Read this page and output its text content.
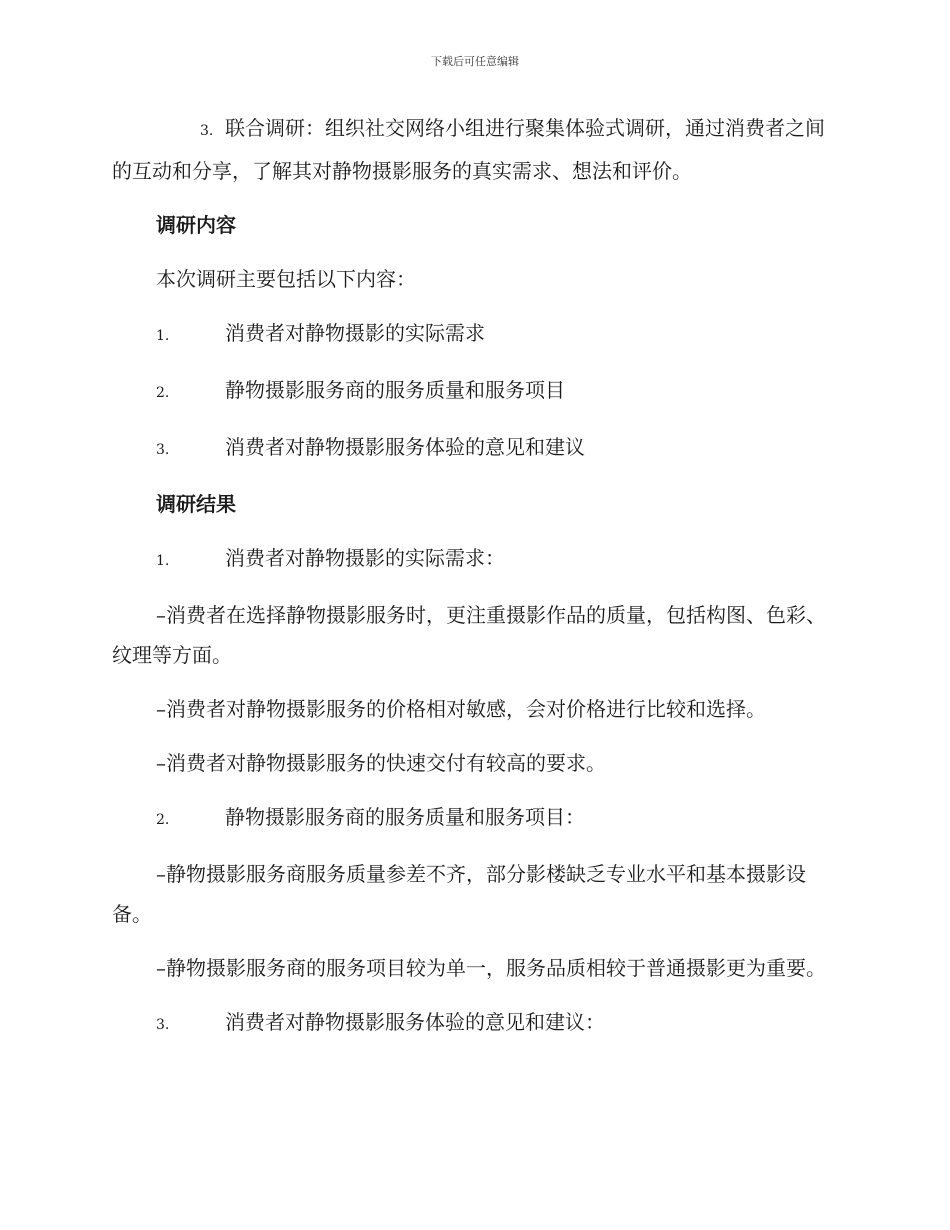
下载后可任意编辑

3. 联合调研：组织社交网络小组进行聚集体验式调研，通过消费者之间的互动和分享，了解其对静物摄影服务的真实需求、想法和评价。

调研内容

本次调研主要包括以下内容：

1.	消费者对静物摄影的实际需求
2.	静物摄影服务商的服务质量和服务项目
3.	消费者对静物摄影服务体验的意见和建议
调研结果
1.	消费者对静物摄影的实际需求：

–消费者在选择静物摄影服务时，更注重摄影作品的质量，包括构图、色彩、纹理等方面。

–消费者对静物摄影服务的价格相对敏感，会对价格进行比较和选择。

–消费者对静物摄影服务的快速交付有较高的要求。

2.	静物摄影服务商的服务质量和服务项目：

–静物摄影服务商服务质量参差不齐，部分影楼缺乏专业水平和基本摄影设备。

–静物摄影服务商的服务项目较为单一，服务品质相较于普通摄影更为重要。

3.	消费者对静物摄影服务体验的意见和建议：
